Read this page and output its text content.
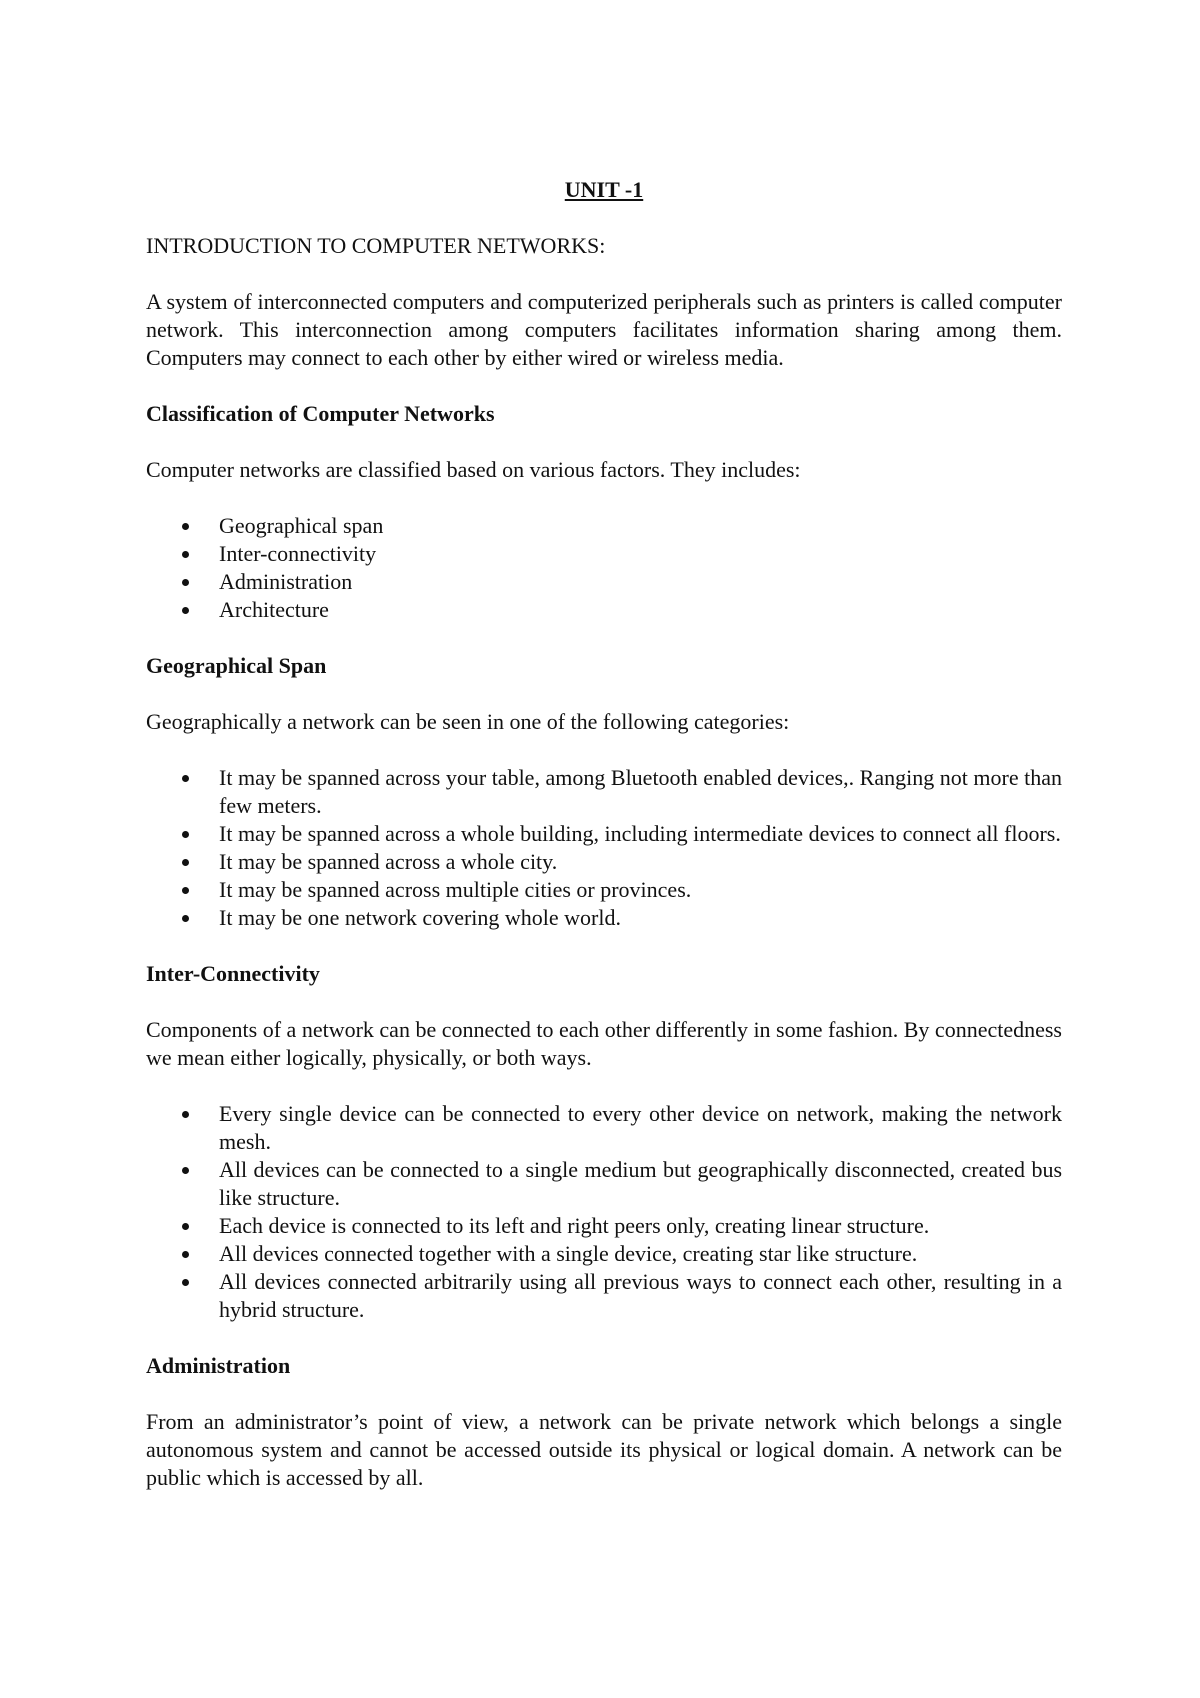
UNIT -1
INTRODUCTION TO COMPUTER NETWORKS:

A system of interconnected computers and computerized peripherals such as printers is called computer network. This interconnection among computers facilitates information sharing among them. Computers may connect to each other by either wired or wireless media.

Classification of Computer Networks

Computer networks are classified based on various factors. They includes:

Geographical span
Inter-connectivity
Administration
Architecture
Geographical Span

Geographically a network can be seen in one of the following categories:

It may be spanned across your table, among Bluetooth enabled devices,. Ranging not more than few meters.
It may be spanned across a whole building, including intermediate devices to connect all floors.
It may be spanned across a whole city.
It may be spanned across multiple cities or provinces.
It may be one network covering whole world.
Inter-Connectivity

Components of a network can be connected to each other differently in some fashion. By connectedness we mean either logically, physically, or both ways.

Every single device can be connected to every other device on network, making the network mesh.
All devices can be connected to a single medium but geographically disconnected, created bus like structure.
Each device is connected to its left and right peers only, creating linear structure.
All devices connected together with a single device, creating star like structure.
All devices connected arbitrarily using all previous ways to connect each other, resulting in a hybrid structure.
Administration

From an administrator’s point of view, a network can be private network which belongs a single autonomous system and cannot be accessed outside its physical or logical domain. A network can be public which is accessed by all.
